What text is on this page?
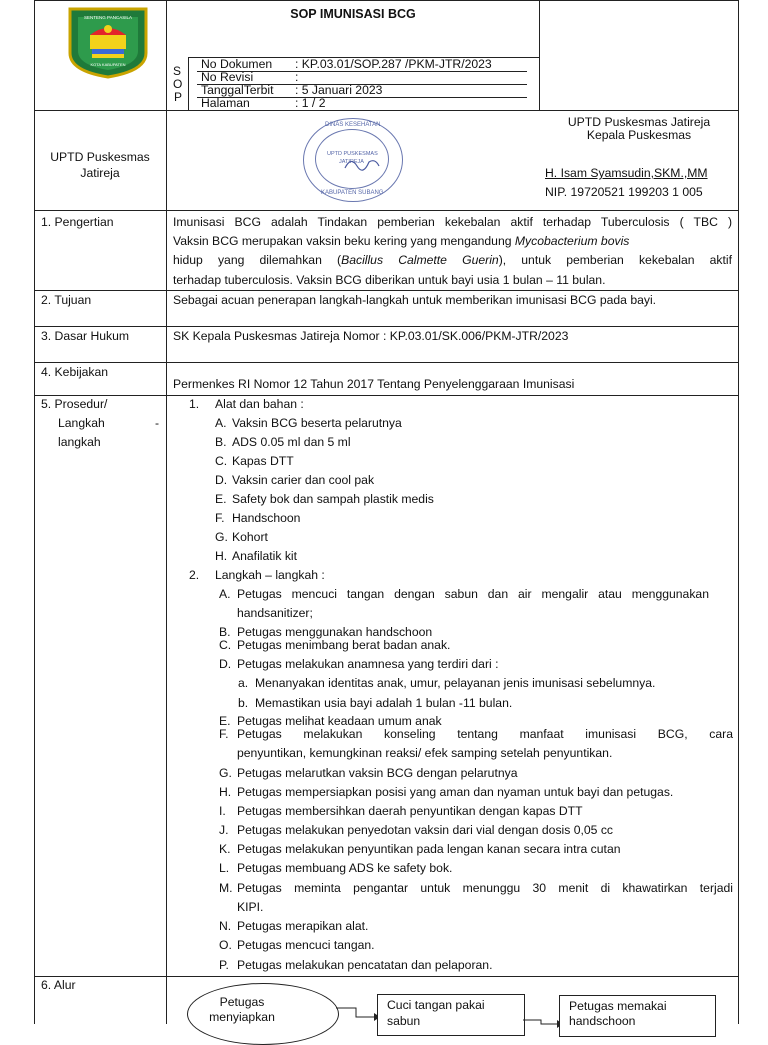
SENTENG PANCASILA
KOTA KABUPATEN
SOP IMUNISASI BCG
S
O
P
No Dokumen : KP.03.01/SOP.287 /PKM-JTR/2023
No Revisi	:
TanggalTerbit : 5 Januari 2023
Halaman	: 1 / 2
UPTD Puskesmas
Jatireja
DINAS KESEHATAN
UPTD PUSKESMAS
JATIREJA
KABUPATEN SUBANG
UPTD Puskesmas Jatireja
Kepala Puskesmas
H. Isam Syamsudin,SKM.,MM
NIP. 19720521 199203 1 005
1. Pengertian	Imunisasi BCG adalah Tindakan pemberian kekebalan aktif terhadap Tuberculosis ( TBC )
Vaksin BCG merupakan vaksin beku kering yang mengandung Mycobacterium bovis
hidup yang dilemahkan (Bacillus Calmette Guerin), untuk pemberian kekebalan aktif
terhadap tuberculosis. Vaksin BCG diberikan untuk bayi usia 1 bulan – 11 bulan.
2. Tujuan	Sebagai acuan penerapan langkah-langkah untuk memberikan imunisasi BCG pada bayi.
3. Dasar Hukum	SK Kepala Puskesmas Jatireja Nomor : KP.03.01/SK.006/PKM-JTR/2023
4. Kebijakan
Permenkes RI Nomor 12 Tahun 2017 Tentang Penyelenggaraan Imunisasi
5. Prosedur/
Langkah	-
langkah
1. Alat dan bahan :
A. Vaksin BCG beserta pelarutnya
B. ADS 0.05 ml dan 5 ml
C. Kapas DTT
D. Vaksin carier dan cool pak
E. Safety bok dan sampah plastik medis
F. Handschoon
G. Kohort
H. Anafilatik kit
2. Langkah – langkah :
A. Petugas mencuci tangan dengan sabun dan air mengalir atau menggunakan
handsanitizer;
B. Petugas menggunakan handschoon
C. Petugas menimbang berat badan anak.
D. Petugas melakukan anamnesa yang terdiri dari :
a. Menanyakan identitas anak, umur, pelayanan jenis imunisasi sebelumnya.
b. Memastikan usia bayi adalah 1 bulan -11 bulan.
E. Petugas melihat keadaan umum anak
F. Petugas melakukan konseling tentang manfaat imunisasi BCG, cara
penyuntikan, kemungkinan reaksi/ efek samping setelah penyuntikan.
G. Petugas melarutkan vaksin BCG dengan pelarutnya
H. Petugas mempersiapkan posisi yang aman dan nyaman untuk bayi dan petugas.
I. Petugas membersihkan daerah penyuntikan dengan kapas DTT
J. Petugas melakukan penyedotan vaksin dari vial dengan dosis 0,05 cc
K. Petugas melakukan penyuntikan pada lengan kanan secara intra cutan
L. Petugas membuang ADS ke safety bok.
M. Petugas meminta pengantar untuk menunggu 30 menit di khawatirkan terjadi
KIPI.
N. Petugas merapikan alat.
O. Petugas mencuci tangan.
P. Petugas melakukan pencatatan dan pelaporan.
6. Alur
Petugas
menyiapkan
Cuci tangan pakai
sabun
Petugas memakai
handschoon
